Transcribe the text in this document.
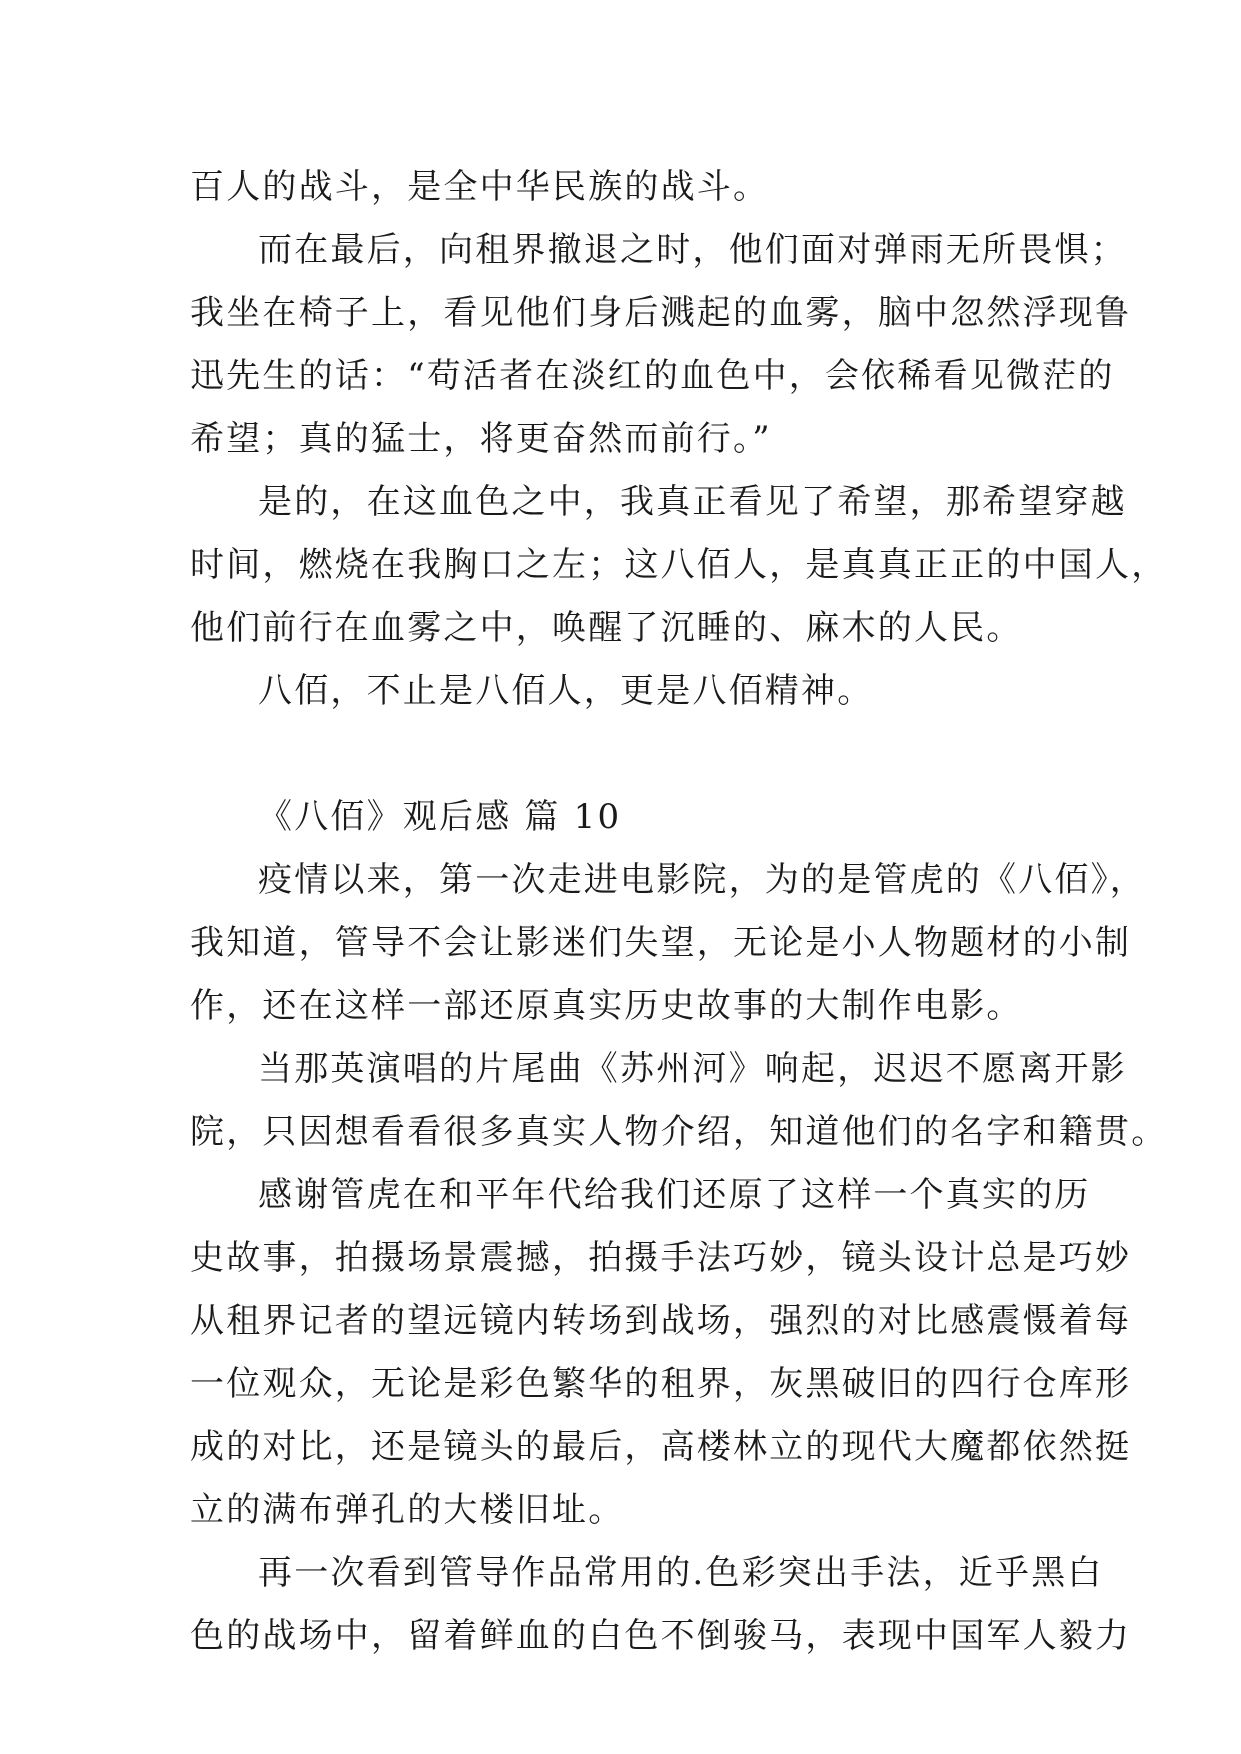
百人的战斗，是全中华民族的战斗。
而在最后，向租界撤退之时，他们面对弹雨无所畏惧；
我坐在椅子上，看见他们身后溅起的血雾，脑中忽然浮现鲁
迅先生的话：“苟活者在淡红的血色中，会依稀看见微茫的
希望；真的猛士，将更奋然而前行。”
是的，在这血色之中，我真正看见了希望，那希望穿越
时间，燃烧在我胸口之左；这八佰人，是真真正正的中国人，
他们前行在血雾之中，唤醒了沉睡的、麻木的人民。
八佰，不止是八佰人，更是八佰精神。
《八佰》观后感 篇 10
疫情以来，第一次走进电影院，为的是管虎的《八佰》，
我知道，管导不会让影迷们失望，无论是小人物题材的小制
作，还在这样一部还原真实历史故事的大制作电影。
当那英演唱的片尾曲《苏州河》响起，迟迟不愿离开影
院，只因想看看很多真实人物介绍，知道他们的名字和籍贯。
感谢管虎在和平年代给我们还原了这样一个真实的历
史故事，拍摄场景震撼，拍摄手法巧妙，镜头设计总是巧妙
从租界记者的望远镜内转场到战场，强烈的对比感震慑着每
一位观众，无论是彩色繁华的租界，灰黑破旧的四行仓库形
成的对比，还是镜头的最后，高楼林立的现代大魔都依然挺
立的满布弹孔的大楼旧址。
再一次看到管导作品常用的.色彩突出手法，近乎黑白
色的战场中，留着鲜血的白色不倒骏马，表现中国军人毅力
